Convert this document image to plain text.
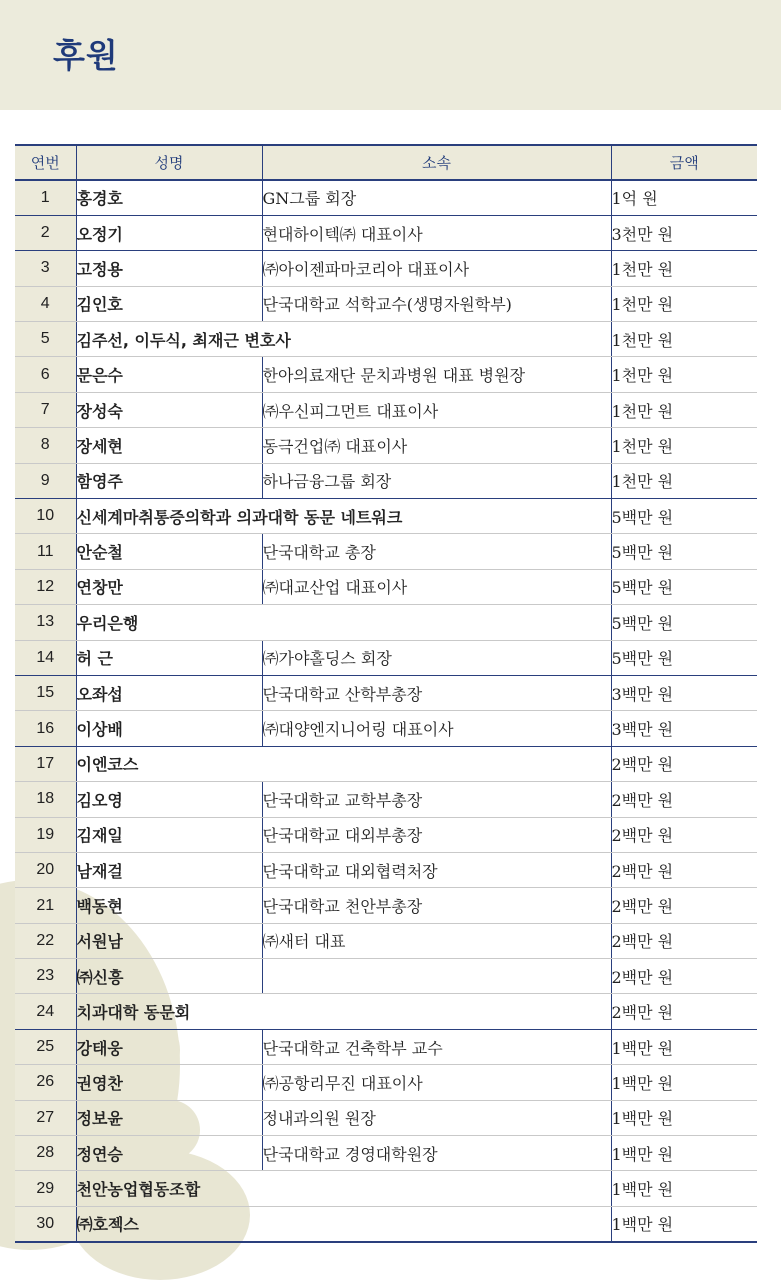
후원
연번	성명	소속	금액
1	홍경호	GN그룹 회장	1억 원
2	오정기	현대하이텍㈜ 대표이사	3천만 원
3	고정용	㈜아이젠파마코리아 대표이사	1천만 원
4	김인호	단국대학교 석학교수(생명자원학부)	1천만 원
5	김주선, 이두식, 최재근 변호사		1천만 원
6	문은수	한아의료재단 문치과병원 대표 병원장	1천만 원
7	장성숙	㈜우신피그먼트 대표이사	1천만 원
8	장세현	동극건업㈜ 대표이사	1천만 원
9	함영주	하나금융그룹 회장	1천만 원
10	신세계마취통증의학과 의과대학 동문 네트워크		5백만 원
11	안순철	단국대학교 총장	5백만 원
12	연창만	㈜대교산업 대표이사	5백만 원
13	우리은행		5백만 원
14	허 근	㈜가야홀딩스 회장	5백만 원
15	오좌섭	단국대학교 산학부총장	3백만 원
16	이상배	㈜대양엔지니어링 대표이사	3백만 원
17	이엔코스		2백만 원
18	김오영	단국대학교 교학부총장	2백만 원
19	김재일	단국대학교 대외부총장	2백만 원
20	남재걸	단국대학교 대외협력처장	2백만 원
21	백동현	단국대학교 천안부총장	2백만 원
22	서원남	㈜새터 대표	2백만 원
23	㈜신흥		2백만 원
24	치과대학 동문회		2백만 원
25	강태웅	단국대학교 건축학부 교수	1백만 원
26	권영찬	㈜공항리무진 대표이사	1백만 원
27	정보윤	정내과의원 원장	1백만 원
28	정연승	단국대학교 경영대학원장	1백만 원
29	천안농업협동조합		1백만 원
30	㈜호젝스		1백만 원
